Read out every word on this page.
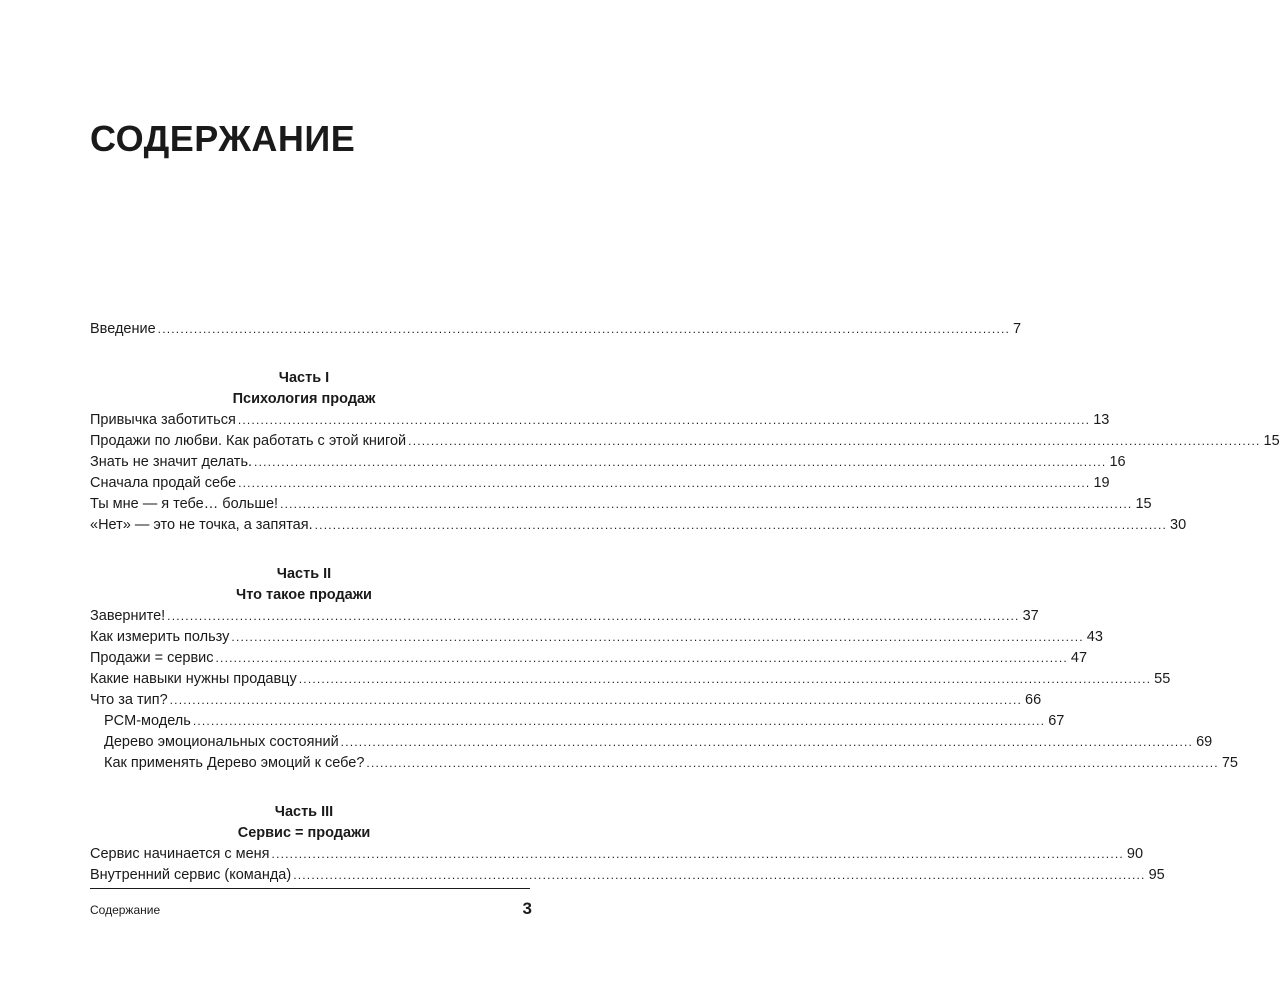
СОДЕРЖАНИЕ
Введение ............................................................................................................................................................................................ 7
Часть I
Психология продаж
Привычка заботиться ............................................................................................................................................................................................ 13
Продажи по любви. Как работать с этой книгой ............................................................................................................................................................................................ 15
Знать не значит делать. ............................................................................................................................................................................................ 16
Сначала продай себе ............................................................................................................................................................................................ 19
Ты мне — я тебе… больше! ............................................................................................................................................................................................ 15
«Нет» — это не точка, а запятая. ............................................................................................................................................................................................ 30
Часть II
Что такое продажи
Заверните! ............................................................................................................................................................................................ 37
Как измерить пользу ............................................................................................................................................................................................ 43
Продажи = сервис ............................................................................................................................................................................................ 47
Какие навыки нужны продавцу ............................................................................................................................................................................................ 55
Что за тип? ............................................................................................................................................................................................ 66
PCM-модель ............................................................................................................................................................................................ 67
Дерево эмоциональных состояний ............................................................................................................................................................................................ 69
Как применять Дерево эмоций к себе? ............................................................................................................................................................................................ 75
Часть III
Сервис = продажи
Сервис начинается с меня ............................................................................................................................................................................................ 90
Внутренний сервис (команда) ............................................................................................................................................................................................ 95
Содержание	3
